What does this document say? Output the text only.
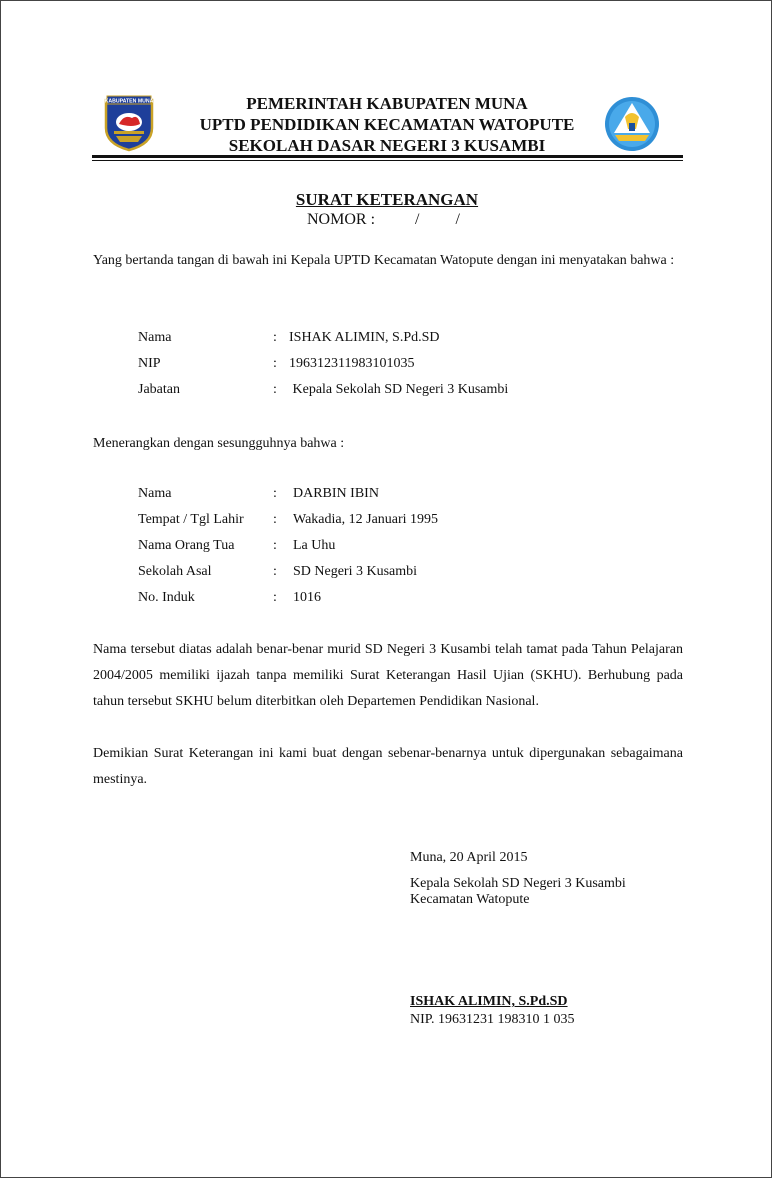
KABUPATEN MUNA	PEMERINTAH KABUPATEN MUNA
UPTD PENDIDIKAN KECAMATAN WATOPUTE
SEKOLAH DASAR NEGERI 3 KUSAMBI
SURAT KETERANGAN
NOMOR :          /         /
Yang bertanda tangan di bawah ini Kepala UPTD Kecamatan Watopute dengan ini menyatakan bahwa :
Nama	: ISHAK ALIMIN, S.Pd.SD
NIP	: 196312311983101035
Jabatan	: Kepala Sekolah SD Negeri 3 Kusambi
Menerangkan dengan sesungguhnya bahwa :
Nama	: DARBIN IBIN
Tempat / Tgl Lahir : Wakadia, 12 Januari 1995
Nama Orang Tua	: La Uhu
Sekolah Asal	: SD Negeri 3 Kusambi
No. Induk	: 1016
Nama tersebut diatas adalah benar-benar murid SD Negeri 3 Kusambi telah tamat pada Tahun Pelajaran 2004/2005 memiliki ijazah tanpa memiliki Surat Keterangan Hasil Ujian (SKHU). Berhubung pada tahun tersebut SKHU belum diterbitkan oleh Departemen Pendidikan Nasional.
Demikian Surat Keterangan ini kami buat dengan sebenar-benarnya untuk dipergunakan sebagaimana mestinya.
Muna, 20 April 2015
Kepala Sekolah SD Negeri 3 Kusambi
Kecamatan Watopute
ISHAK ALIMIN, S.Pd.SD
NIP. 19631231 198310 1 035
